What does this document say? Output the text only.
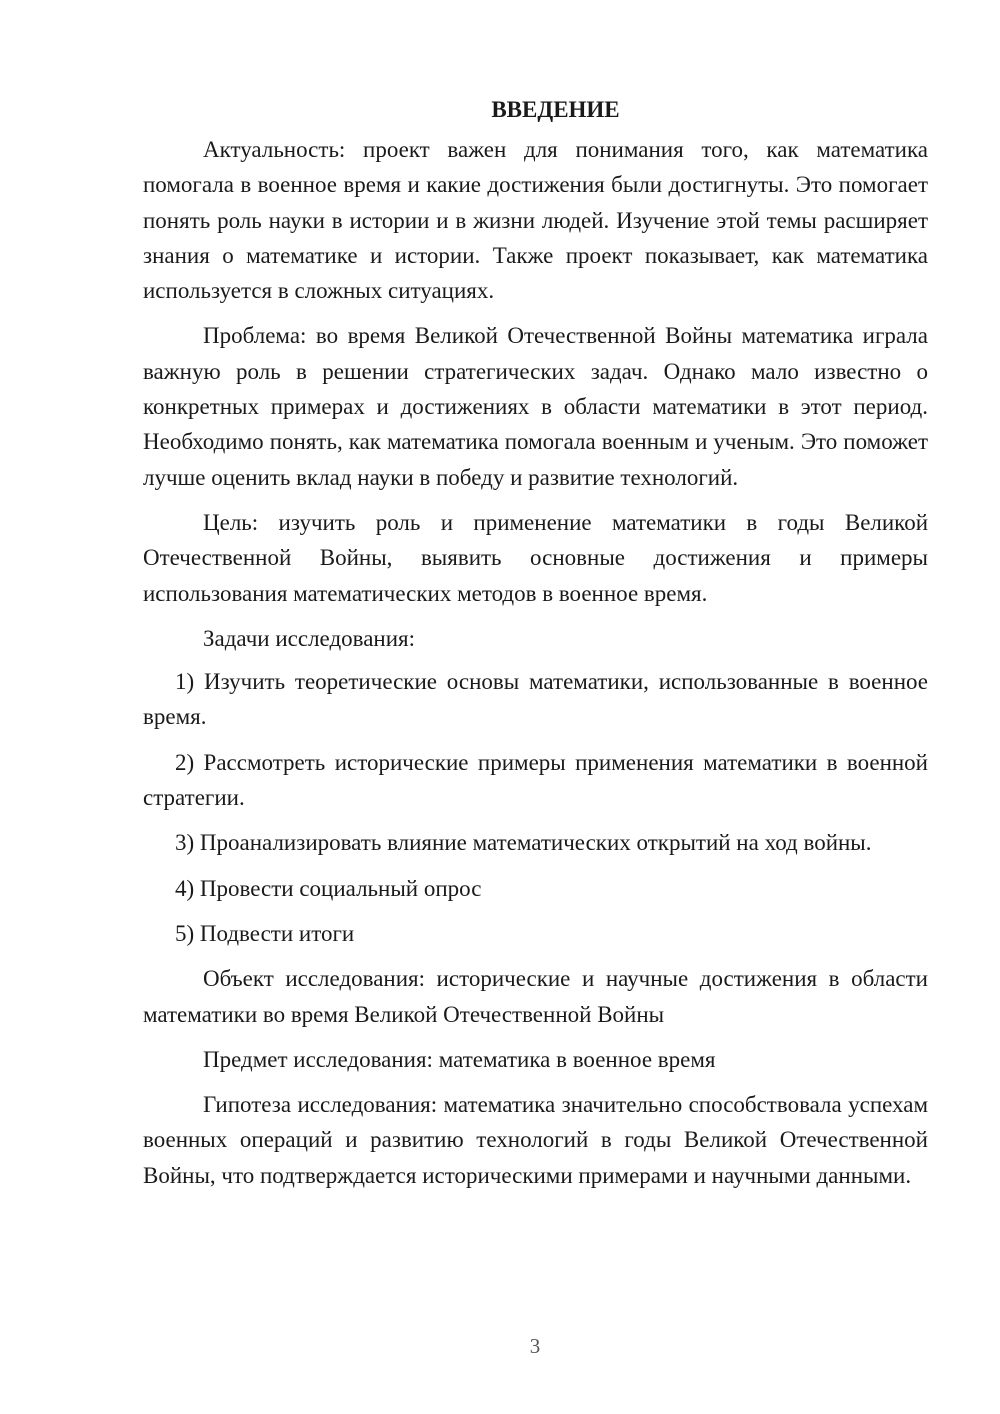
ВВЕДЕНИЕ

Актуальность: проект важен для понимания того, как математика помогала в военное время и какие достижения были достигнуты. Это помогает понять роль науки в истории и в жизни людей. Изучение этой темы расширяет знания о математике и истории. Также проект показывает, как математика используется в сложных ситуациях.

Проблема: во время Великой Отечественной Войны математика играла важную роль в решении стратегических задач. Однако мало известно о конкретных примерах и достижениях в области математики в этот период. Необходимо понять, как математика помогала военным и ученым. Это поможет лучше оценить вклад науки в победу и развитие технологий.

Цель: изучить роль и применение математики в годы Великой Отечественной Войны, выявить основные достижения и примеры использования математических методов в военное время.

Задачи исследования:

1) Изучить теоретические основы математики, использованные в военное время.

2) Рассмотреть исторические примеры применения математики в военной стратегии.

3) Проанализировать влияние математических открытий на ход войны.

4) Провести социальный опрос

5) Подвести итоги

Объект исследования: исторические и научные достижения в области математики во время Великой Отечественной Войны

Предмет исследования: математика в военное время

Гипотеза исследования: математика значительно способствовала успехам военных операций и развитию технологий в годы Великой Отечественной Войны, что подтверждается историческими примерами и научными данными.

3
